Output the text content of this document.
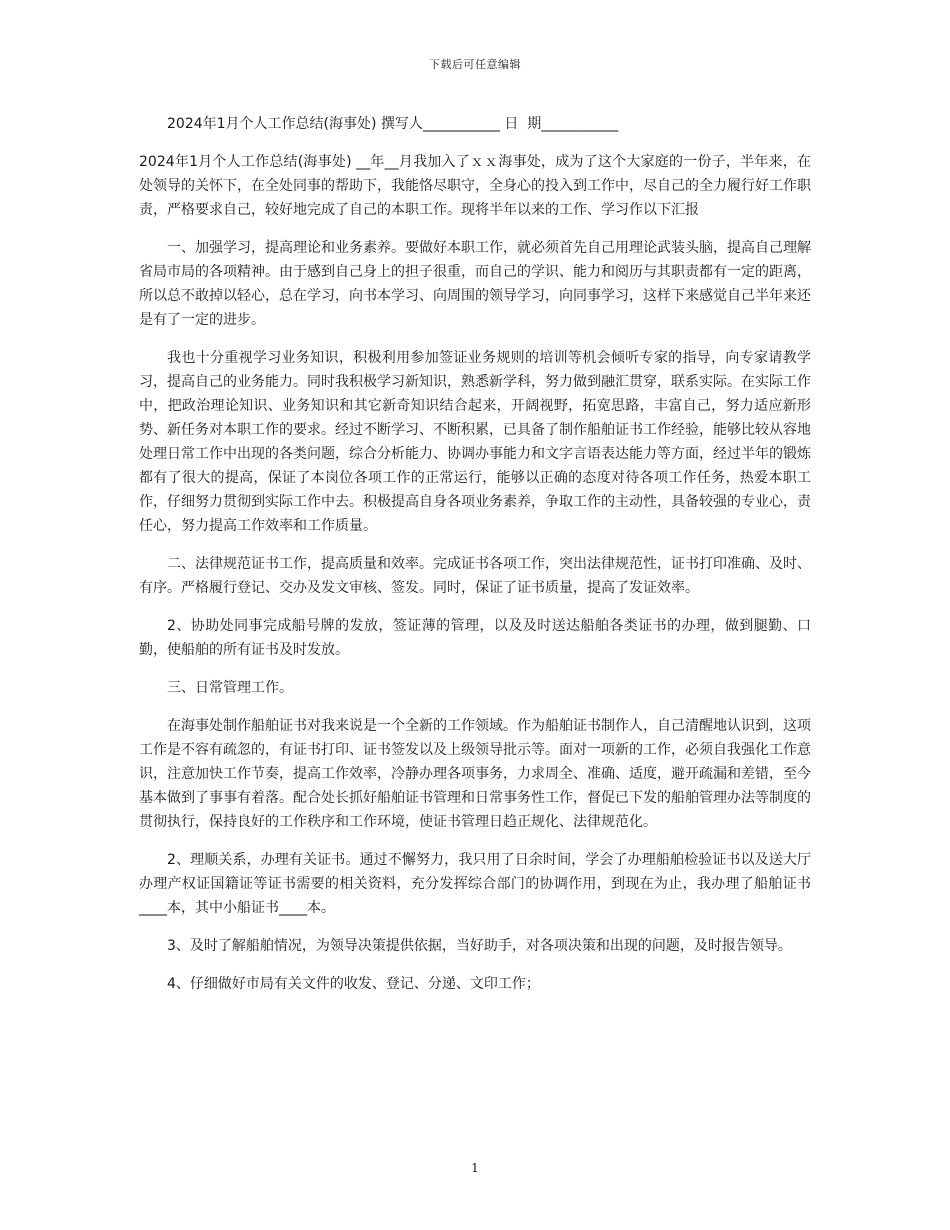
下载后可任意编辑

2024年1月个人工作总结(海事处) 撰写人___________ 日  期___________

2024年1月个人工作总结(海事处) __年__月我加入了ｘｘ海事处，成为了这个大家庭的一份子，半年来，在处领导的关怀下，在全处同事的帮助下，我能恪尽职守，全身心的投入到工作中，尽自己的全力履行好工作职责，严格要求自己，较好地完成了自己的本职工作。现将半年以来的工作、学习作以下汇报

一、加强学习，提高理论和业务素养。要做好本职工作，就必须首先自己用理论武装头脑，提高自己理解省局市局的各项精神。由于感到自己身上的担子很重，而自己的学识、能力和阅历与其职责都有一定的距离，所以总不敢掉以轻心，总在学习，向书本学习、向周围的领导学习，向同事学习，这样下来感觉自己半年来还是有了一定的进步。

我也十分重视学习业务知识，积极利用参加签证业务规则的培训等机会倾听专家的指导，向专家请教学习，提高自己的业务能力。同时我积极学习新知识，熟悉新学科，努力做到融汇贯穿，联系实际。在实际工作中，把政治理论知识、业务知识和其它新奇知识结合起来，开阔视野，拓宽思路，丰富自己，努力适应新形势、新任务对本职工作的要求。经过不断学习、不断积累，已具备了制作船舶证书工作经验，能够比较从容地处理日常工作中出现的各类问题，综合分析能力、协调办事能力和文字言语表达能力等方面，经过半年的锻炼都有了很大的提高，保证了本岗位各项工作的正常运行，能够以正确的态度对待各项工作任务，热爱本职工作，仔细努力贯彻到实际工作中去。积极提高自身各项业务素养，争取工作的主动性，具备较强的专业心，责任心，努力提高工作效率和工作质量。

二、法律规范证书工作，提高质量和效率。完成证书各项工作，突出法律规范性，证书打印准确、及时、有序。严格履行登记、交办及发文审核、签发。同时，保证了证书质量，提高了发证效率。

2、协助处同事完成船号牌的发放，签证薄的管理，以及及时送达船舶各类证书的办理，做到腿勤、口勤，使船舶的所有证书及时发放。

三、日常管理工作。

在海事处制作船舶证书对我来说是一个全新的工作领域。作为船舶证书制作人，自己清醒地认识到，这项工作是不容有疏忽的，有证书打印、证书签发以及上级领导批示等。面对一项新的工作，必须自我强化工作意识，注意加快工作节奏，提高工作效率，冷静办理各项事务，力求周全、准确、适度，避开疏漏和差错，至今基本做到了事事有着落。配合处长抓好船舶证书管理和日常事务性工作，督促已下发的船舶管理办法等制度的贯彻执行，保持良好的工作秩序和工作环境，使证书管理日趋正规化、法律规范化。

2、理顺关系，办理有关证书。通过不懈努力，我只用了日余时间，学会了办理船舶检验证书以及送大厅办理产权证国籍证等证书需要的相关资料，充分发挥综合部门的协调作用，到现在为止，我办理了船舶证书____本，其中小船证书____本。

3、及时了解船舶情况，为领导决策提供依据，当好助手，对各项决策和出现的问题，及时报告领导。

4、仔细做好市局有关文件的收发、登记、分递、文印工作；

1
